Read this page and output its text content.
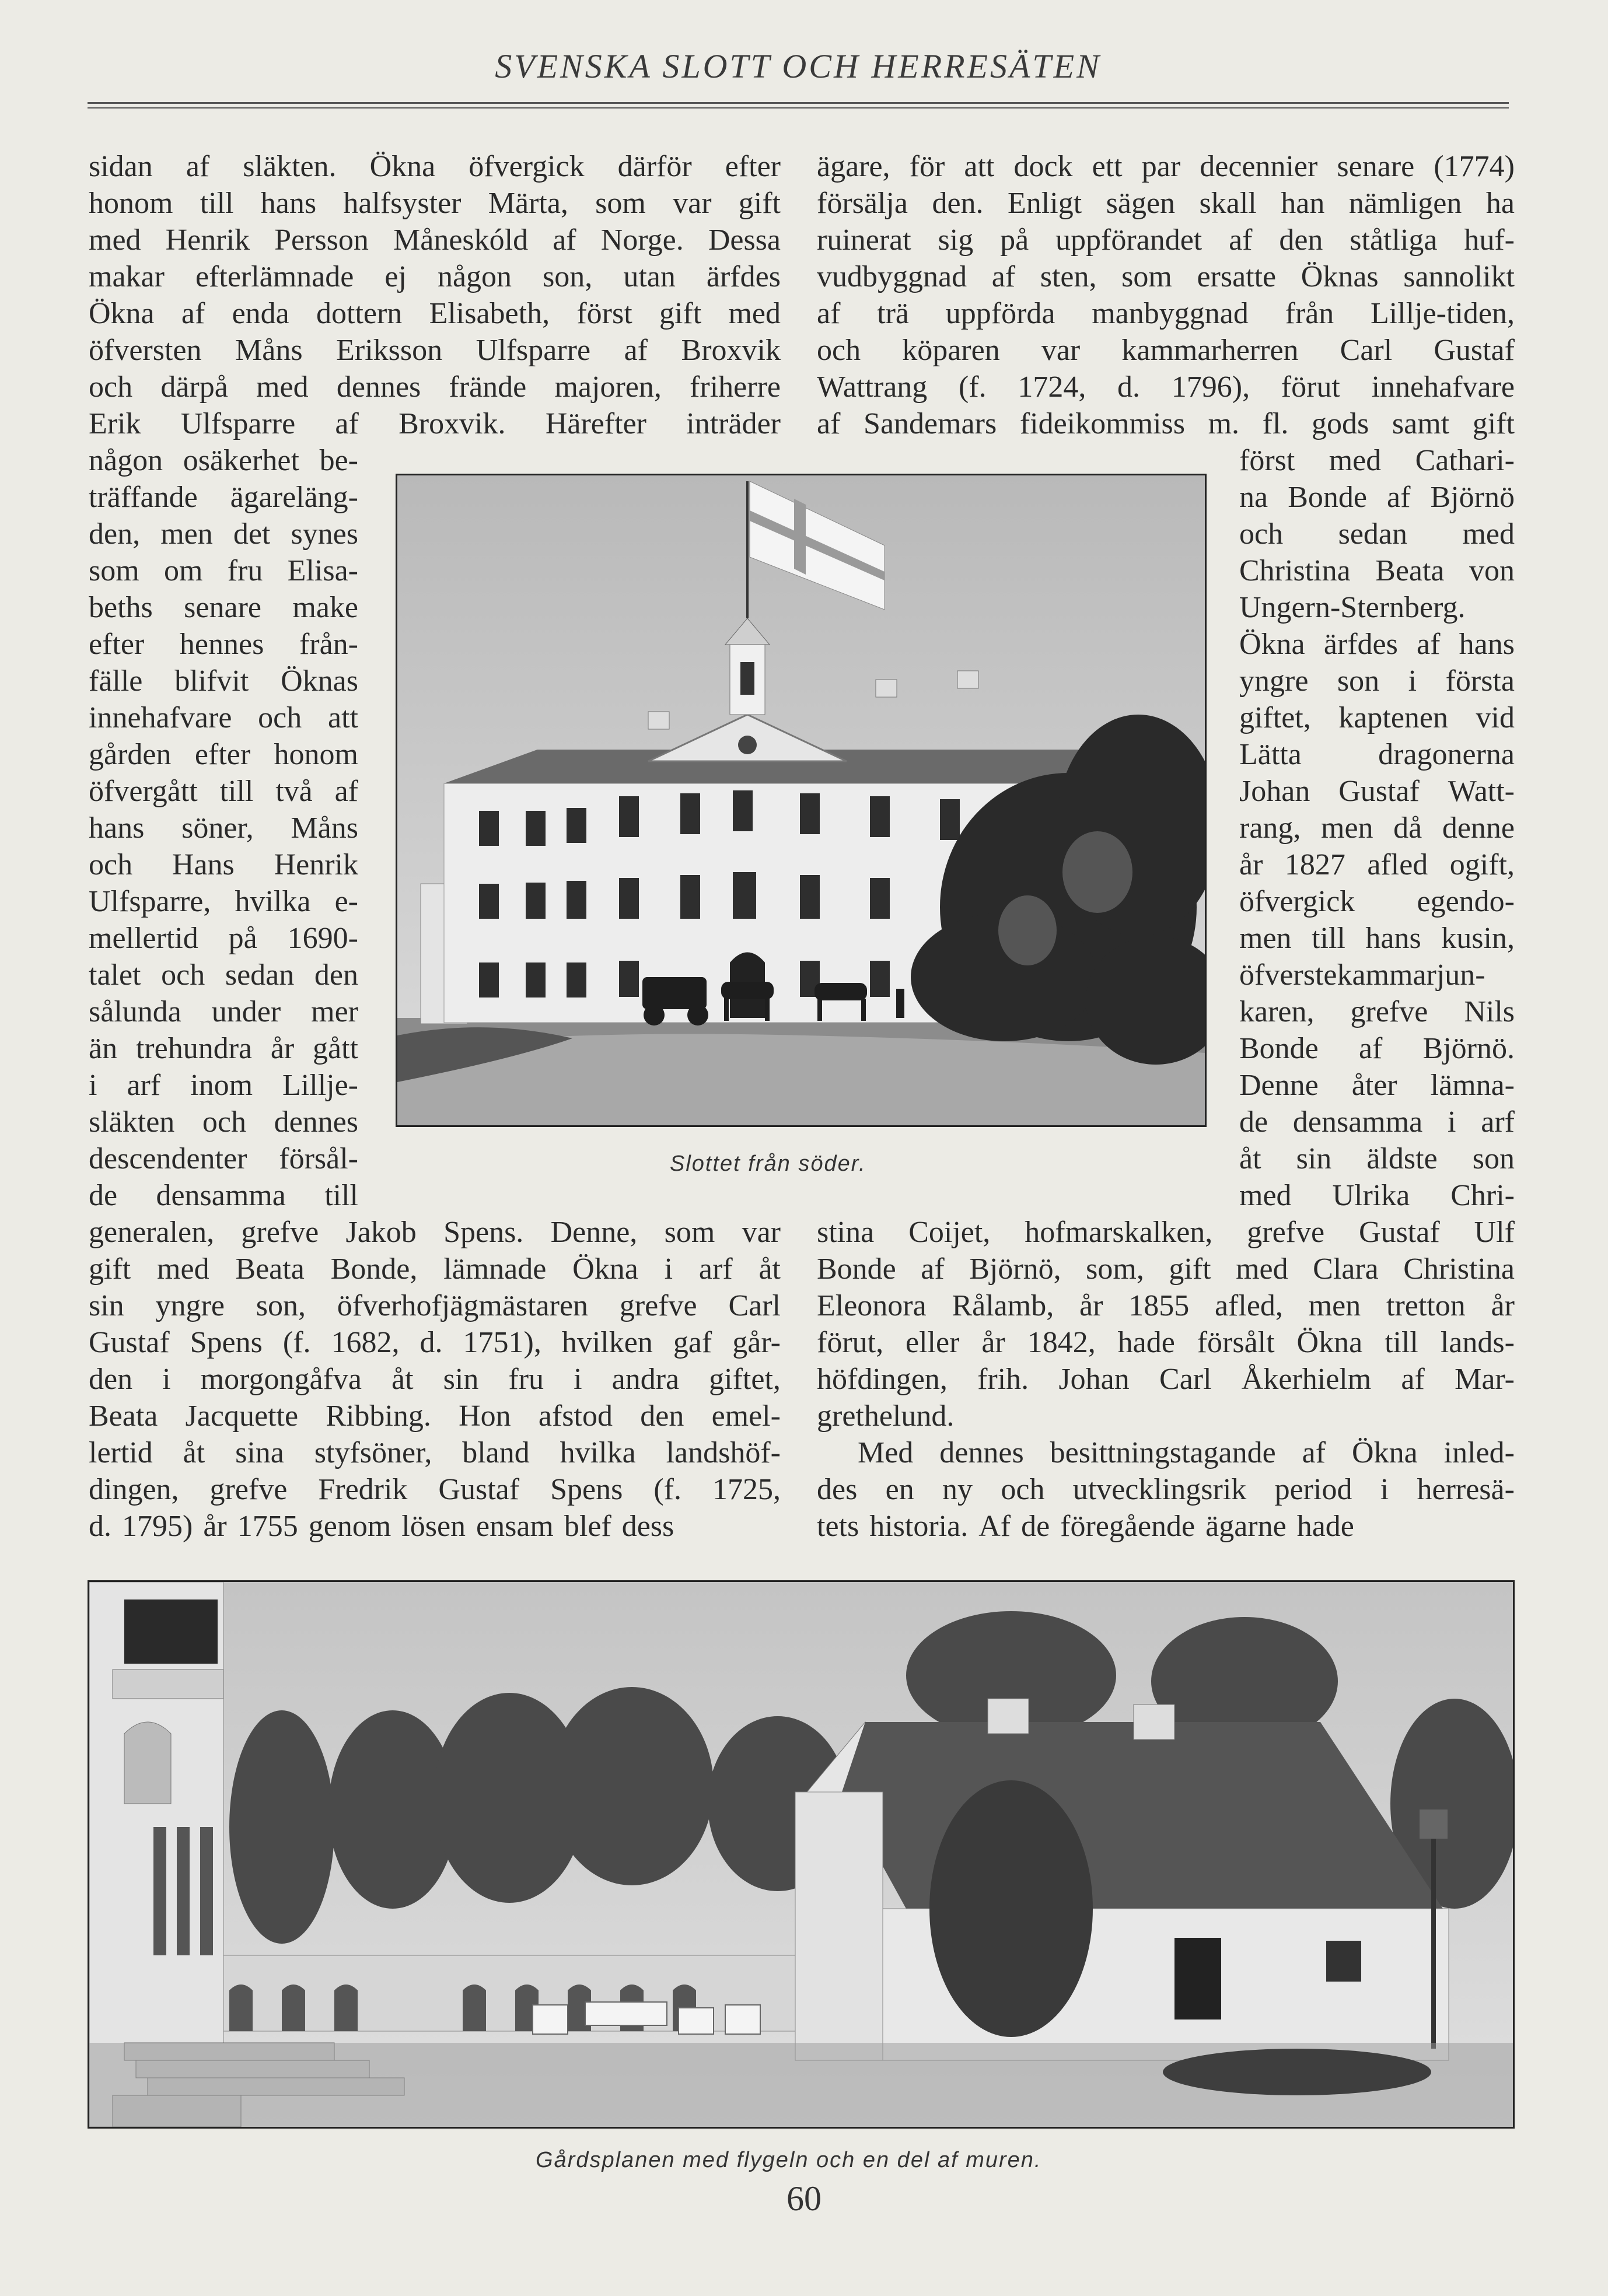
SVENSKA SLOTT OCH HERRESÄTEN
sidan af släkten. Ökna öfvergick därför efter
honom till hans halfsyster Märta, som var gift
med Henrik Persson Måneskóld af Norge. Dessa
makar efterlämnade ej någon son, utan ärfdes
Ökna af enda dottern Elisabeth, först gift med
öfversten Måns Eriksson Ulfsparre af Broxvik
och därpå med dennes frände majoren, friherre
Erik Ulfsparre af Broxvik. Härefter inträder
någon osäkerhet be-
träffande ägareläng-
den, men det synes
som om fru Elisa-
beths senare make
efter hennes från-
fälle blifvit Öknas
innehafvare och att
gården efter honom
öfvergått till två af
hans söner, Måns
och Hans Henrik
Ulfsparre, hvilka e-
mellertid på 1690-
talet och sedan den
sålunda under mer
än trehundra år gått
i arf inom Lillje-
släkten och dennes
descendenter försål-
de densamma till
generalen, grefve Jakob Spens. Denne, som var
gift med Beata Bonde, lämnade Ökna i arf åt
sin yngre son, öfverhofjägmästaren grefve Carl
Gustaf Spens (f. 1682, d. 1751), hvilken gaf går-
den i morgongåfva åt sin fru i andra giftet,
Beata Jacquette Ribbing. Hon afstod den emel-
lertid åt sina styfsöner, bland hvilka landshöf-
dingen, grefve Fredrik Gustaf Spens (f. 1725,
d. 1795) år 1755 genom lösen ensam blef dess
ägare, för att dock ett par decennier senare (1774)
försälja den. Enligt sägen skall han nämligen ha
ruinerat sig på uppförandet af den ståtliga huf-
vudbyggnad af sten, som ersatte Öknas sannolikt
af trä uppförda manbyggnad från Lillje-tiden,
och köparen var kammarherren Carl Gustaf
Wattrang (f. 1724, d. 1796), förut innehafvare
af Sandemars fideikommiss m. fl. gods samt gift
först med Cathari-
na Bonde af Björnö
och sedan med
Christina Beata von
Ungern-Sternberg.
Ökna ärfdes af hans
yngre son i första
giftet, kaptenen vid
Lätta	dragonerna
Johan Gustaf Watt-
rang, men då denne
år 1827 afled ogift,
öfvergick egendo-
men till hans kusin,
öfverstekammarjun-
karen, grefve Nils
Bonde af Björnö.
Denne åter lämna-
de densamma i arf
åt sin äldste son
med Ulrika Chri-
stina Coijet, hofmarskalken, grefve Gustaf Ulf
Bonde af Björnö, som, gift med Clara Christina
Eleonora Rålamb, år 1855 afled, men tretton år
förut, eller år 1842, hade försålt Ökna till lands-
höfdingen, frih. Johan Carl Åkerhielm af Mar-
grethelund.
Med dennes besittningstagande af Ökna inled-
des en ny och utvecklingsrik period i herresä-
tets historia. Af de föregående ägarne hade
Slottet från söder.
Gårdsplanen med flygeln och en del af muren.
60
